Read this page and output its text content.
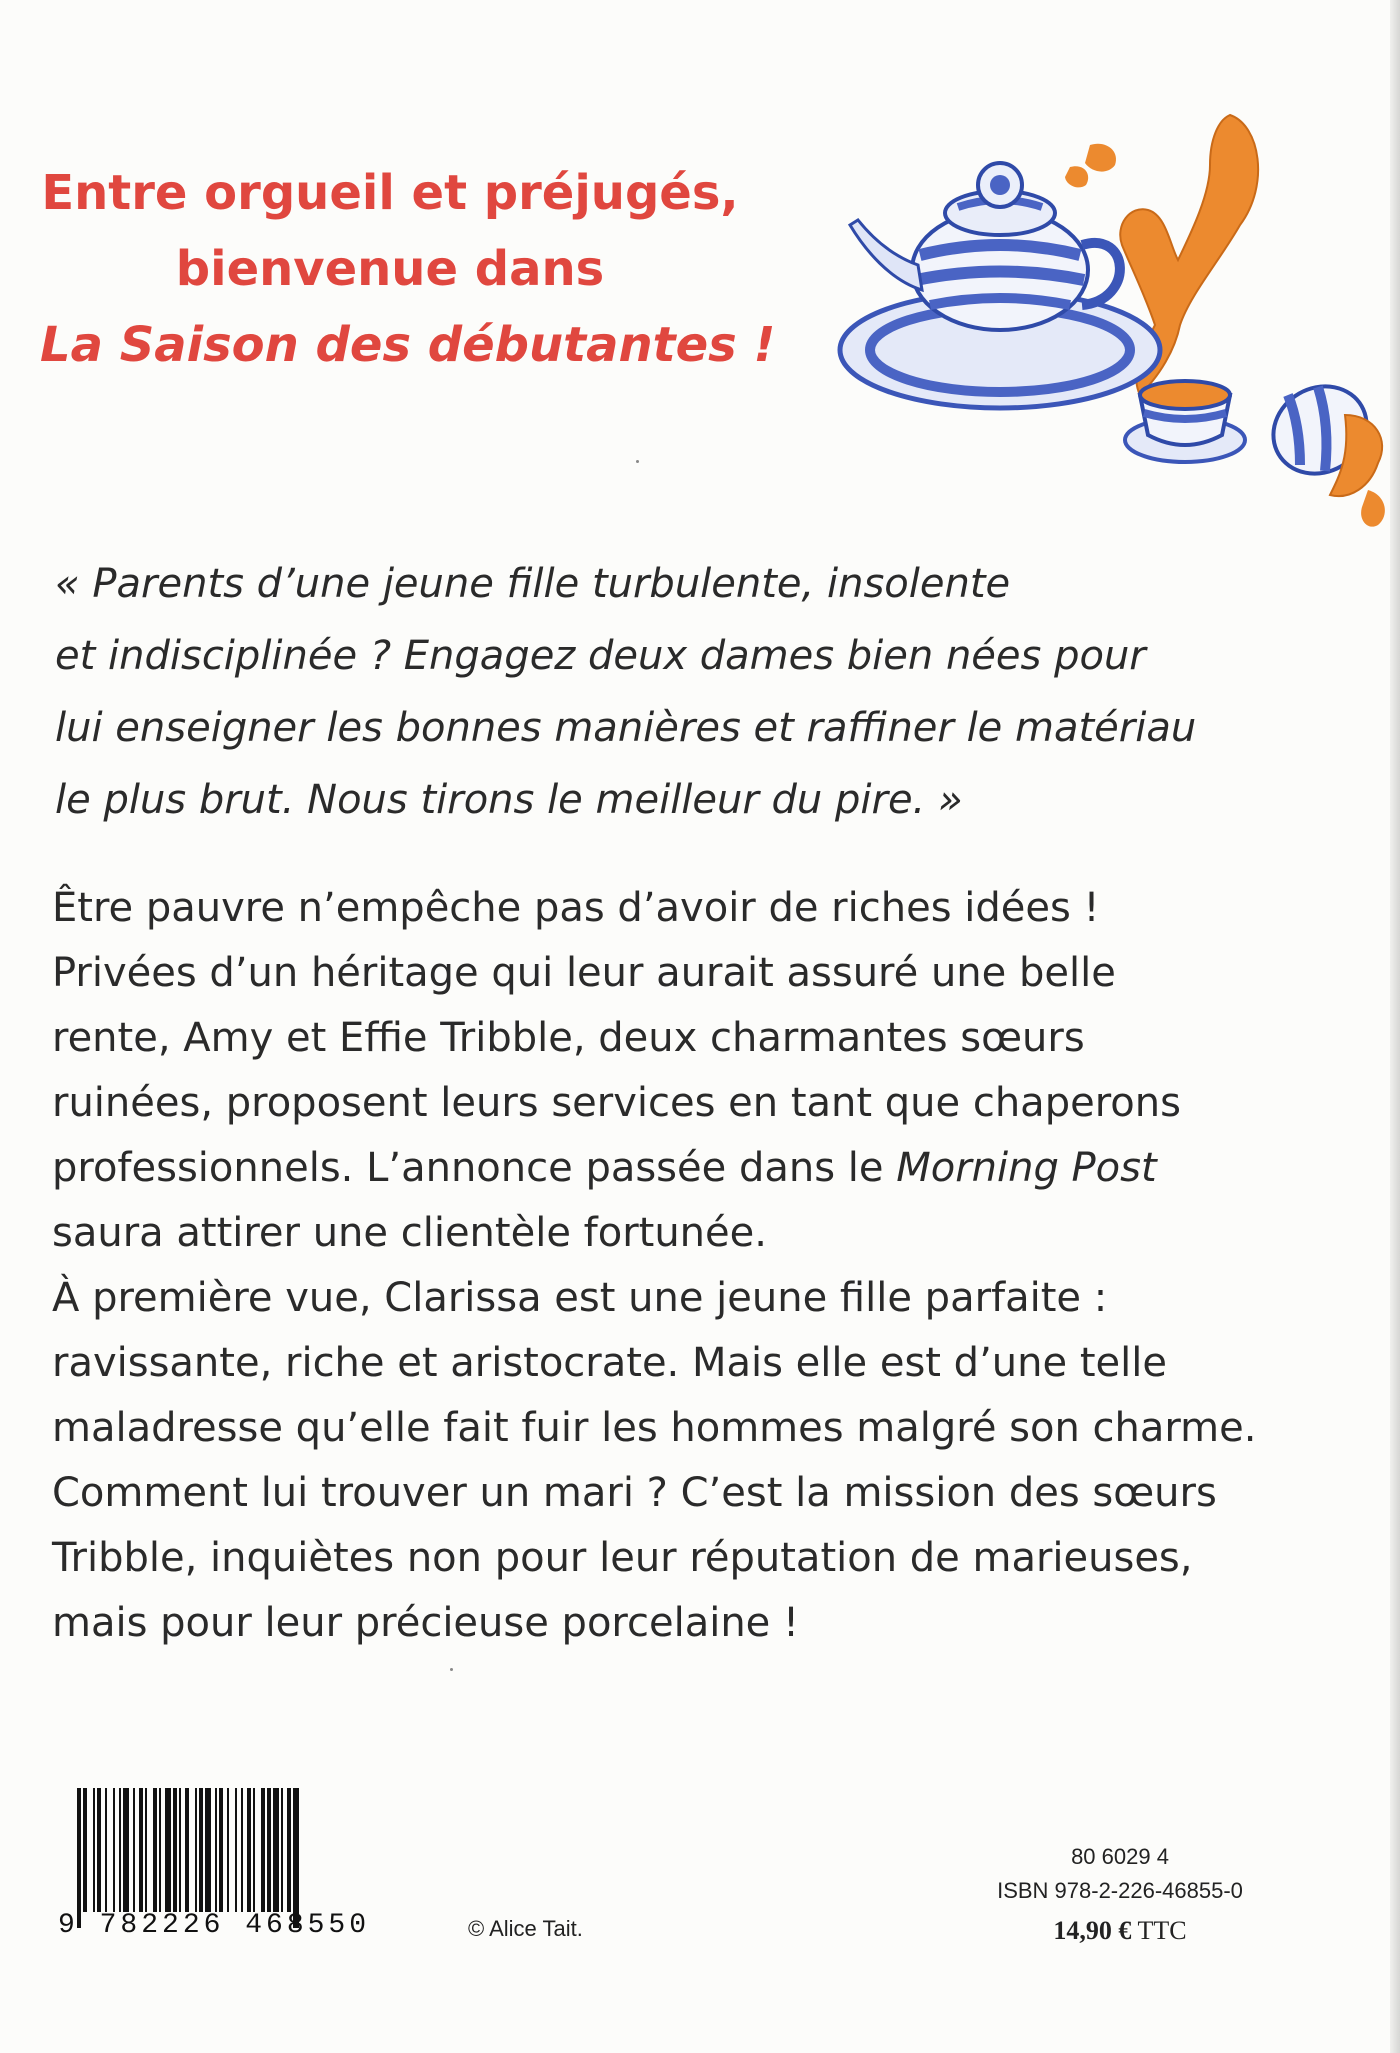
Entre orgueil et préjugés,
bienvenue dans
La Saison des débutantes !
« Parents d’une jeune fille turbulente, insolente
et indisciplinée ? Engagez deux dames bien nées pour
lui enseigner les bonnes manières et raffiner le matériau
le plus brut. Nous tirons le meilleur du pire. »
Être pauvre n’empêche pas d’avoir de riches idées !
Privées d’un héritage qui leur aurait assuré une belle
rente, Amy et Effie Tribble, deux charmantes sœurs
ruinées, proposent leurs services en tant que chaperons
professionnels. L’annonce passée dans le Morning Post
saura attirer une clientèle fortunée.
À première vue, Clarissa est une jeune fille parfaite :
ravissante, riche et aristocrate. Mais elle est d’une telle
maladresse qu’elle fait fuir les hommes malgré son charme.
Comment lui trouver un mari ? C’est la mission des sœurs
Tribble, inquiètes non pour leur réputation de marieuses,
mais pour leur précieuse porcelaine !
9 782226 468550	© Alice Tait.
80 6029 4
ISBN 978-2-226-46855-0
14,90 € TTC
